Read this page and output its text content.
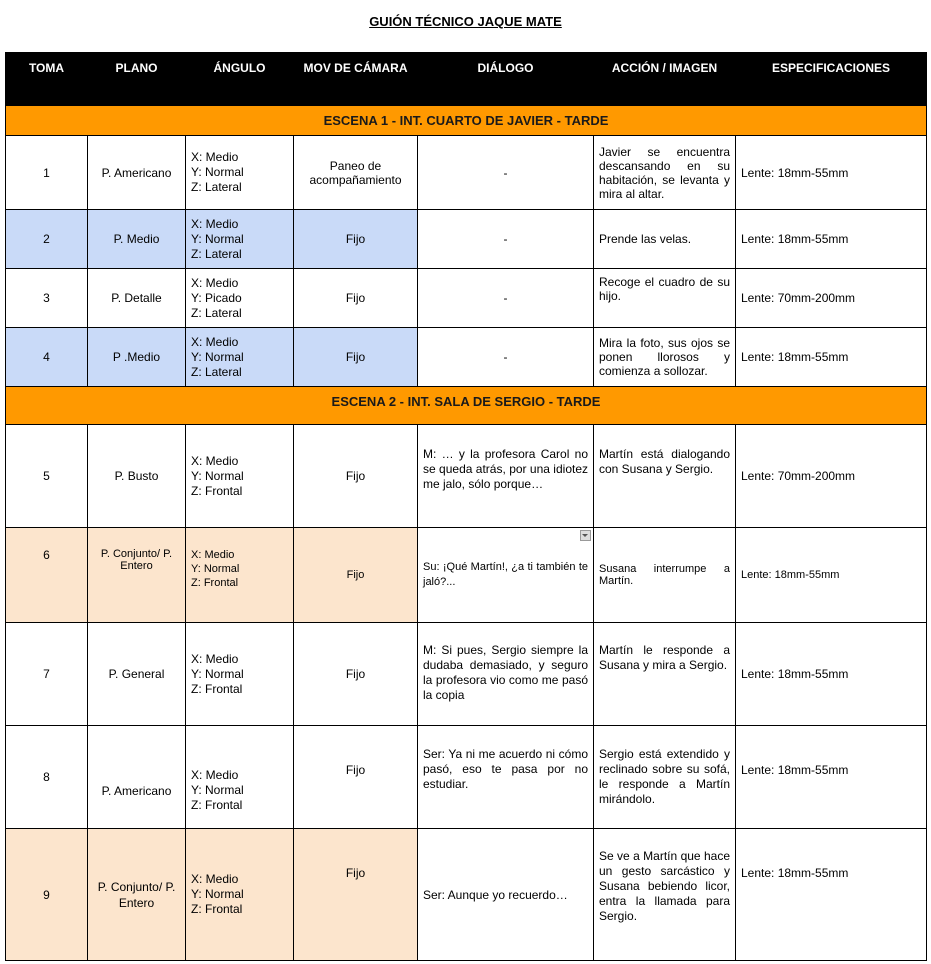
GUIÓN TÉCNICO JAQUE MATE
TOMA	PLANO	ÁNGULO	MOV DE CÁMARA	DIÁLOGO	ACCIÓN / IMAGEN	ESPECIFICACIONES
ESCENA 1 - INT. CUARTO DE JAVIER - TARDE						
1	P. Americano	X: Medio
Y: Normal
Z: Lateral	Paneo de acompañamiento	-	Javier se encuentra descansando en su habitación, se levanta y mira al altar.	Lente: 18mm-55mm
2	P. Medio	X: Medio
Y: Normal
Z: Lateral	Fijo	-	Prende las velas.	Lente: 18mm-55mm
3	P. Detalle	X: Medio
Y: Picado
Z: Lateral	Fijo	-	Recoge el cuadro de su hijo.	Lente: 70mm-200mm
4	P .Medio	X: Medio
Y: Normal
Z: Lateral	Fijo	-	Mira la foto, sus ojos se ponen llorosos y comienza a sollozar.	Lente: 18mm-55mm
ESCENA 2 - INT. SALA DE SERGIO - TARDE						
5	P. Busto	X: Medio
Y: Normal
Z: Frontal	Fijo	M: … y la profesora Carol no se queda atrás, por una idiotez me jalo, sólo porque…	Martín está dialogando con Susana y Sergio.	Lente: 70mm-200mm
6	P. Conjunto/ P. Entero	X: Medio
Y: Normal
Z: Frontal	Fijo	Su: ¡Qué Martín!, ¿a ti también te jaló?...	Susana interrumpe a Martín.	Lente: 18mm-55mm
7	P. General	X: Medio
Y: Normal
Z: Frontal	Fijo	M: Si pues, Sergio siempre la dudaba demasiado, y seguro la profesora vio como me pasó la copia	Martín le responde a Susana y mira a Sergio.	Lente: 18mm-55mm
8	P. Americano	X: Medio
Y: Normal
Z: Frontal	Fijo	Ser: Ya ni me acuerdo ni cómo pasó, eso te pasa por no estudiar.	Sergio está extendido y reclinado sobre su sofá, le responde a Martín mirándolo.	Lente: 18mm-55mm
9	P. Conjunto/ P. Entero	X: Medio
Y: Normal
Z: Frontal	Fijo	Ser: Aunque yo recuerdo…	Se ve a Martín que hace un gesto sarcástico y Susana bebiendo licor, entra la llamada para Sergio.	Lente: 18mm-55mm
